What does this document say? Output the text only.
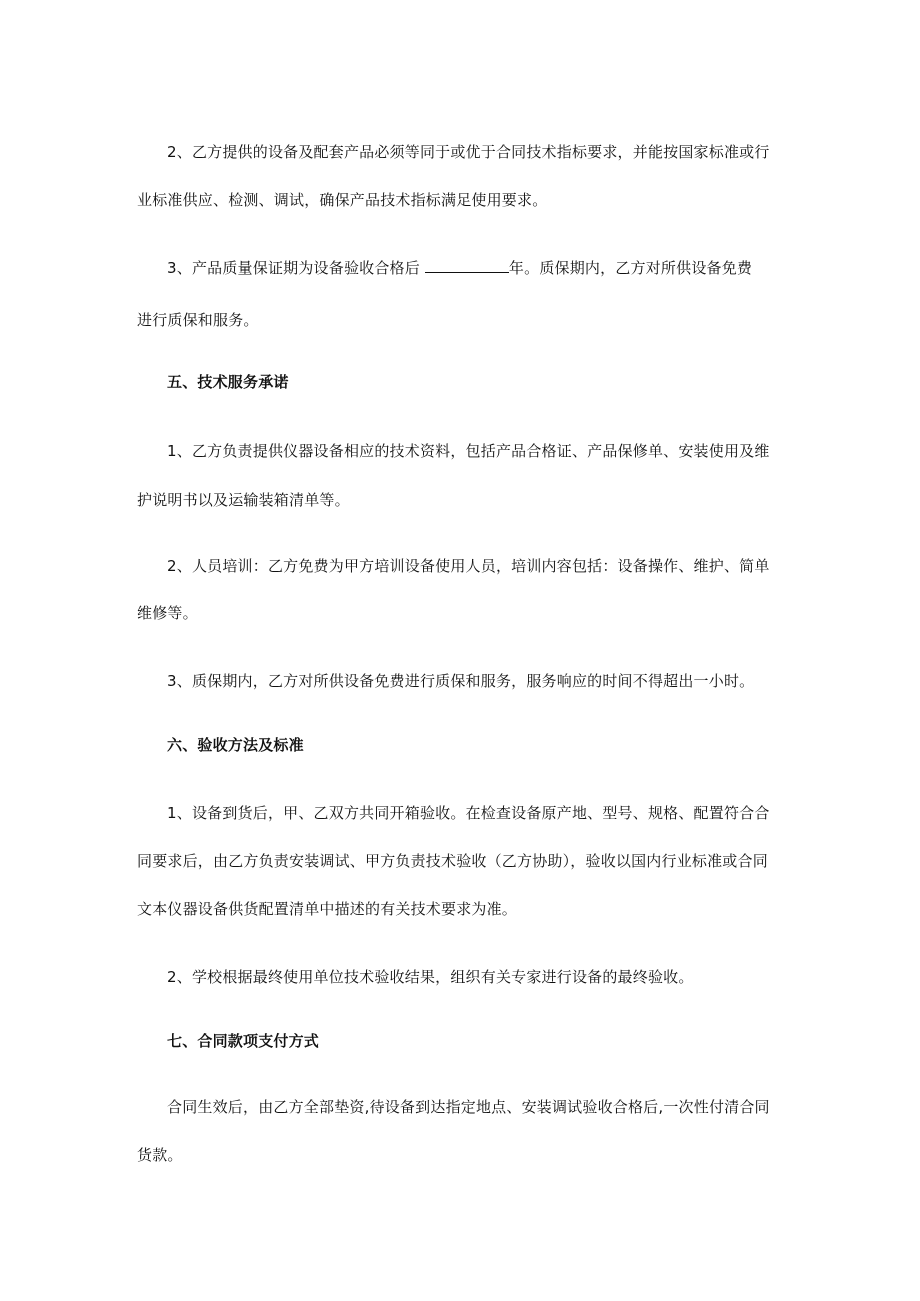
2、乙方提供的设备及配套产品必须等同于或优于合同技术指标要求，并能按国家标准或行
业标准供应、检测、调试，确保产品技术指标满足使用要求。
3、产品质量保证期为设备验收合格后	年。质保期内，乙方对所供设备免费
进行质保和服务。
五、技术服务承诺
1、乙方负责提供仪器设备相应的技术资料，包括产品合格证、产品保修单、安装使用及维
护说明书以及运输装箱清单等。
2、人员培训：乙方免费为甲方培训设备使用人员，培训内容包括：设备操作、维护、简单
维修等。
3、质保期内，乙方对所供设备免费进行质保和服务，服务响应的时间不得超出一小时。
六、验收方法及标准
1、设备到货后，甲、乙双方共同开箱验收。在检查设备原产地、型号、规格、配置符合合
同要求后，由乙方负责安装调试、甲方负责技术验收（乙方协助），验收以国内行业标准或合同
文本仪器设备供货配置清单中描述的有关技术要求为准。
2、学校根据最终使用单位技术验收结果，组织有关专家进行设备的最终验收。
七、合同款项支付方式
合同生效后，由乙方全部垫资,待设备到达指定地点、安装调试验收合格后,一次性付清合同
货款。
